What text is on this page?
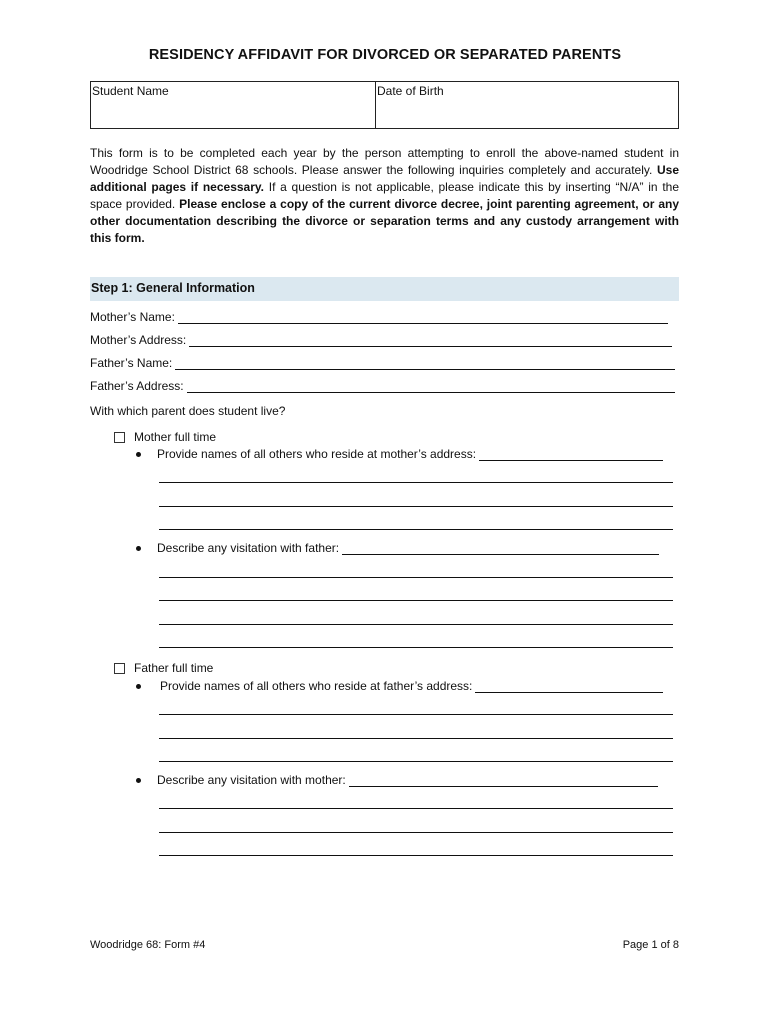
RESIDENCY AFFIDAVIT FOR DIVORCED OR SEPARATED PARENTS
Student Name	Date of Birth
This form is to be completed each year by the person attempting to enroll the above-named student in Woodridge School District 68 schools. Please answer the following inquiries completely and accurately. Use additional pages if necessary. If a question is not applicable, please indicate this by inserting “N/A” in the space provided. Please enclose a copy of the current divorce decree, joint parenting agreement, or any other documentation describing the divorce or separation terms and any custody arrangement with this form.
Step 1: General Information
Mother’s Name:
Mother’s Address:
Father’s Name:
Father’s Address:
With which parent does student live?
Mother full time
Provide names of all others who reside at mother’s address:
Describe any visitation with father:
Father full time
Provide names of all others who reside at father’s address:
Describe any visitation with mother:
Woodridge 68: Form #4	Page 1 of 8
